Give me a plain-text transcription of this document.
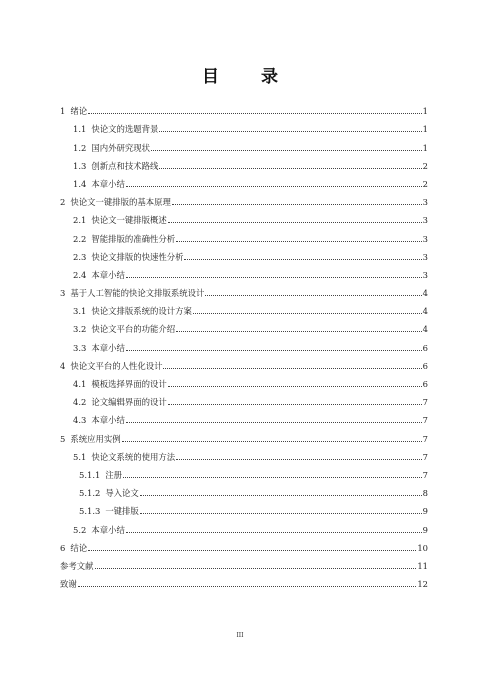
目 录
1 绪论	1
1.1 快论文的选题背景	1
1.2 国内外研究现状	1
1.3 创新点和技术路线	2
1.4 本章小结	2
2 快论文一键排版的基本原理	3
2.1 快论文一键排版概述	3
2.2 智能排版的准确性分析	3
2.3 快论文排版的快速性分析	3
2.4 本章小结	3
3 基于人工智能的快论文排版系统设计	4
3.1 快论文排版系统的设计方案	4
3.2 快论文平台的功能介绍	4
3.3 本章小结	6
4 快论文平台的人性化设计	6
4.1 模板选择界面的设计	6
4.2 论文编辑界面的设计	7
4.3 本章小结	7
5 系统应用实例	7
5.1 快论文系统的使用方法	7
5.1.1 注册	7
5.1.2 导入论文	8
5.1.3 一键排版	9
5.2 本章小结	9
6 结论	10
参考文献	11
致谢	12
III
